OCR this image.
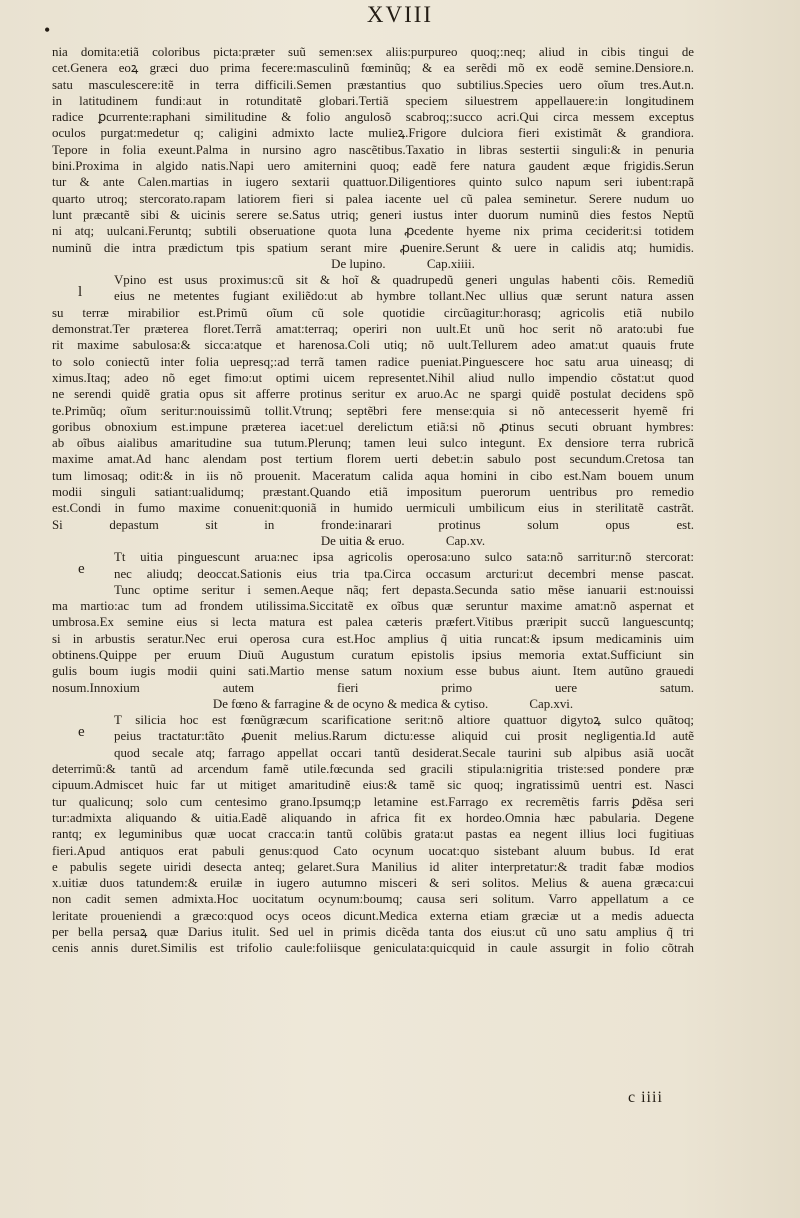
•
XVIII
nia domita:etiã coloribus picta:præter suũ semen:sex aliis:purpureo quoq;:neq; aliud in cibis tingui de
cet.Genera eoꝝ græci duo prima fecere:masculinũ fœminũq; & ea serẽdi mõ ex eodẽ semine.Densiore.n.
satu masculescere:itẽ in terra difficili.Semen præstantius quo subtilius.Species uero oĩum tres.Aut.n.
in latitudinem fundi:aut in rotunditatẽ globari.Tertiã speciem siluestrem appellauere:in longitudinem
radice ꝑcurrente:raphani similitudine & folio angulosõ scabroq;:succo acri.Qui circa messem exceptus
oculos purgat:medetur q; caligini admixto lacte mulieꝝ.Frigore dulciora fieri existimãt & grandiora.
Tepore in folia exeunt.Palma in nursino agro nascẽtibus.Taxatio in libras sestertii singuli:& in penuria
bini.Proxima in algido natis.Napi uero amiternini quoq; eadẽ fere natura gaudent æque frigidis.Serun
tur & ante Calen.martias in iugero sextarii quattuor.Diligentiores quinto sulco napum seri iubent:rapã
quarto utroq; stercorato.rapam latiorem fieri si palea iacente uel cũ palea seminetur. Serere nudum uo
lunt præcantẽ sibi & uicinis serere se.Satus utriq; generi iustus inter duorum numinũ dies festos Neptũ
ni atq; uulcani.Feruntq; subtili obseruatione quota luna ꝓcedente hyeme nix prima ceciderit:si totidem
numinũ die intra prædictum tpis spatium serant mire ꝓuenire.Serunt & uere in calidis atq; humidis.
De lupino.	Cap.xiiii.
l
Vpino est usus proximus:cũ sit & hoĩ & quadrupedũ generi ungulas habenti cõis. Remediũ
eius ne metentes fugiant exiliẽdo:ut ab hymbre tollant.Nec ullius quæ serunt natura assen
su terræ mirabilior est.Primũ oĩum cũ sole quotidie circũagitur:horasq; agricolis etiã nubilo
demonstrat.Ter præterea floret.Terrã amat:terraq; operiri non uult.Et unũ hoc serit nõ arato:ubi fue
rit maxime sabulosa:& sicca:atque et harenosa.Coli utiq; nõ uult.Tellurem adeo amat:ut quauis frute
to solo coniectũ inter folia uepresq;:ad terrã tamen radice pueniat.Pinguescere hoc satu arua uineasq; di
ximus.Itaq; adeo nõ eget fimo:ut optimi uicem representet.Nihil aliud nullo impendio cõstat:ut quod
ne serendi quidẽ gratia opus sit afferre protinus seritur ex aruo.Ac ne spargi quidẽ postulat decidens spõ
te.Primũq; oĩum seritur:nouissimũ tollit.Vtrunq; septẽbri fere mense:quia si nõ antecesserit hyemẽ fri
goribus obnoxium est.impune præterea iacet:uel derelictum etiã:si nõ ꝓtinus secuti obruant hymbres:
ab oĩbus aialibus amaritudine sua tutum.Plerunq; tamen leui sulco integunt. Ex densiore terra rubricã
maxime amat.Ad hanc alendam post tertium florem uerti debet:in sabulo post secundum.Cretosa tan
tum limosaq; odit:& in iis nõ prouenit. Maceratum calida aqua homini in cibo est.Nam bouem unum
modii singuli satiant:ualidumq; præstant.Quando etiã impositum puerorum uentribus pro remedio
est.Condi in fumo maxime conuenit:quoniã in humido uermiculi umbilicum eius in sterilitatẽ castrãt.
Si depastum sit in fronde:inarari protinus solum opus est.
De uitia & eruo.	Cap.xv.
e
Tt uitia pinguescunt arua:nec ipsa agricolis operosa:uno sulco sata:nõ sarritur:nõ stercorat:
nec aliudq; deoccat.Sationis eius tria tpa.Circa occasum arcturi:ut decembri mense pascat.
Tunc optime seritur i semen.Aeque nãq; fert depasta.Secunda satio mẽse ianuarii est:nouissi
ma martio:ac tum ad frondem utilissima.Siccitatẽ ex oĩbus quæ seruntur maxime amat:nõ aspernat et
umbrosa.Ex semine eius si lecta matura est palea cæteris præfert.Vitibus præripit succũ languescuntq;
si in arbustis seratur.Nec erui operosa cura est.Hoc amplius q̃ uitia runcat:& ipsum medicaminis uim
obtinens.Quippe per eruum Diuũ Augustum curatum epistolis ipsius memoria extat.Sufficiunt sin
gulis boum iugis modii quini sati.Martio mense satum noxium esse bubus aiunt. Item autũno grauedi
nosum.Innoxium autem fieri primo uere satum.
De fœno & farragine & de ocyno & medica & cytiso.	Cap.xvi.
e
T silicia hoc est fœnũgræcum scarificatione serit:nõ altiore quattuor digytoꝝ sulco quãtoq;
peius tractatur:tãto ꝓuenit melius.Rarum dictu:esse aliquid cui prosit negligentia.Id autẽ
quod secale atq; farrago appellat occari tantũ desiderat.Secale taurini sub alpibus asiã uocãt
deterrimũ:& tantũ ad arcendum famẽ utile.fœcunda sed gracili stipula:nigritia triste:sed pondere præ
cipuum.Admiscet huic far ut mitiget amaritudinẽ eius:& tamẽ sic quoq; ingratissimũ uentri est. Nasci
tur qualicunq; solo cum centesimo grano.Ipsumq;p letamine est.Farrago ex recremẽtis farris ꝑdẽsa seri
tur:admixta aliquando & uitia.Eadẽ aliquando in africa fit ex hordeo.Omnia hæc pabularia. Degene
rantq; ex leguminibus quæ uocat cracca:in tantũ colũbis grata:ut pastas ea negent illius loci fugitiuas
fieri.Apud antiquos erat pabuli genus:quod Cato ocynum uocat:quo sistebant aluum bubus. Id erat
e pabulis segete uiridi desecta anteq; gelaret.Sura Manilius id aliter interpretatur:& tradit fabæ modios
x.uitiæ duos tatundem:& eruilæ in iugero autumno misceri & seri solitos. Melius & auena græca:cui
non cadit semen admixta.Hoc uocitatum ocynum:boumq; causa seri solitum. Varro appellatum a ce
leritate proueniendi a græco:quod ocys oceos dicunt.Medica externa etiam græciæ ut a medis aduecta
per bella persaꝝ quæ Darius itulit. Sed uel in primis dicẽda tanta dos eius:ut cũ uno satu amplius q̃ tri
cenis annis duret.Similis est trifolio caule:foliisque geniculata:quicquid in caule assurgit in folio cõtrah
c iiii
